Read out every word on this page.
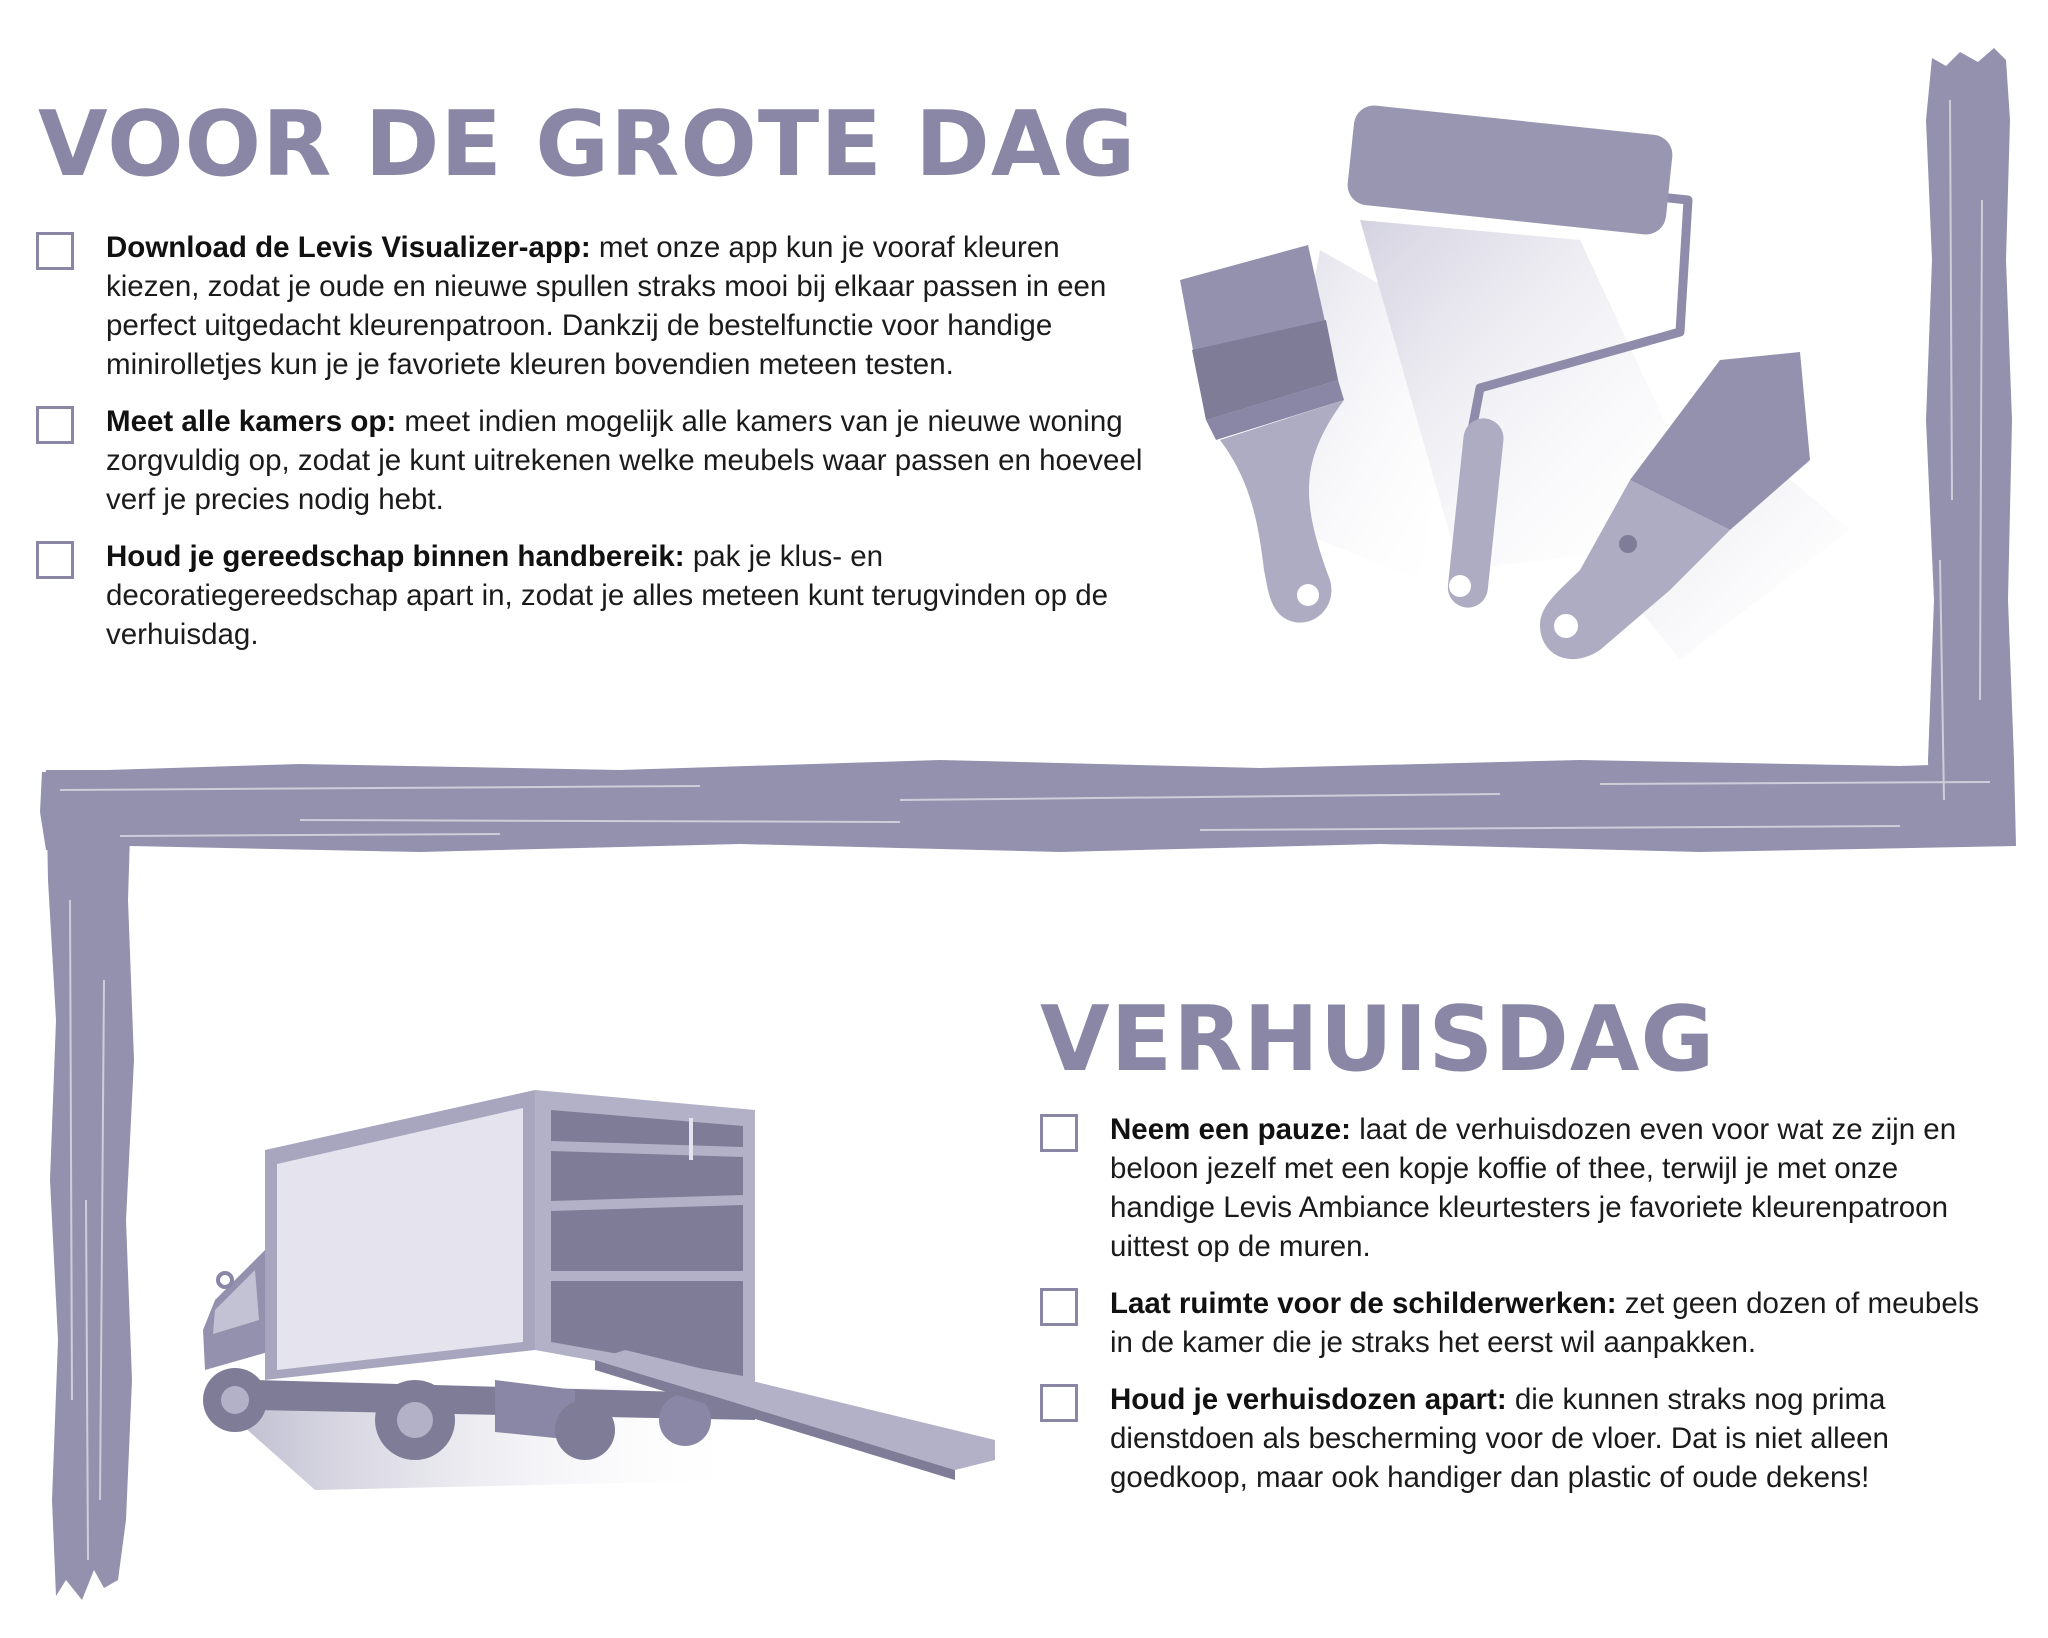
VOOR DE GROTE DAG
Download de Levis Visualizer-app: met onze app kun je vooraf kleuren kiezen, zodat je oude en nieuwe spullen straks mooi bij elkaar passen in een perfect uitgedacht kleurenpatroon. Dankzij de bestelfunctie voor handige minirolletjes kun je je favoriete kleuren bovendien meteen testen.
Meet alle kamers op: meet indien mogelijk alle kamers van je nieuwe woning zorgvuldig op, zodat je kunt uitrekenen welke meubels waar passen en hoeveel verf je precies nodig hebt.
Houd je gereedschap binnen handbereik: pak je klus- en decoratiegereedschap apart in, zodat je alles meteen kunt terugvinden op de verhuisdag.
VERHUISDAG
Neem een pauze: laat de verhuisdozen even voor wat ze zijn en beloon jezelf met een kopje koffie of thee, terwijl je met onze handige Levis Ambiance kleurtesters je favoriete kleurenpatroon uittest op de muren.
Laat ruimte voor de schilderwerken: zet geen dozen of meubels in de kamer die je straks het eerst wil aanpakken.
Houd je verhuisdozen apart: die kunnen straks nog prima dienstdoen als bescherming voor de vloer. Dat is niet alleen goedkoop, maar ook handiger dan plastic of oude dekens!
